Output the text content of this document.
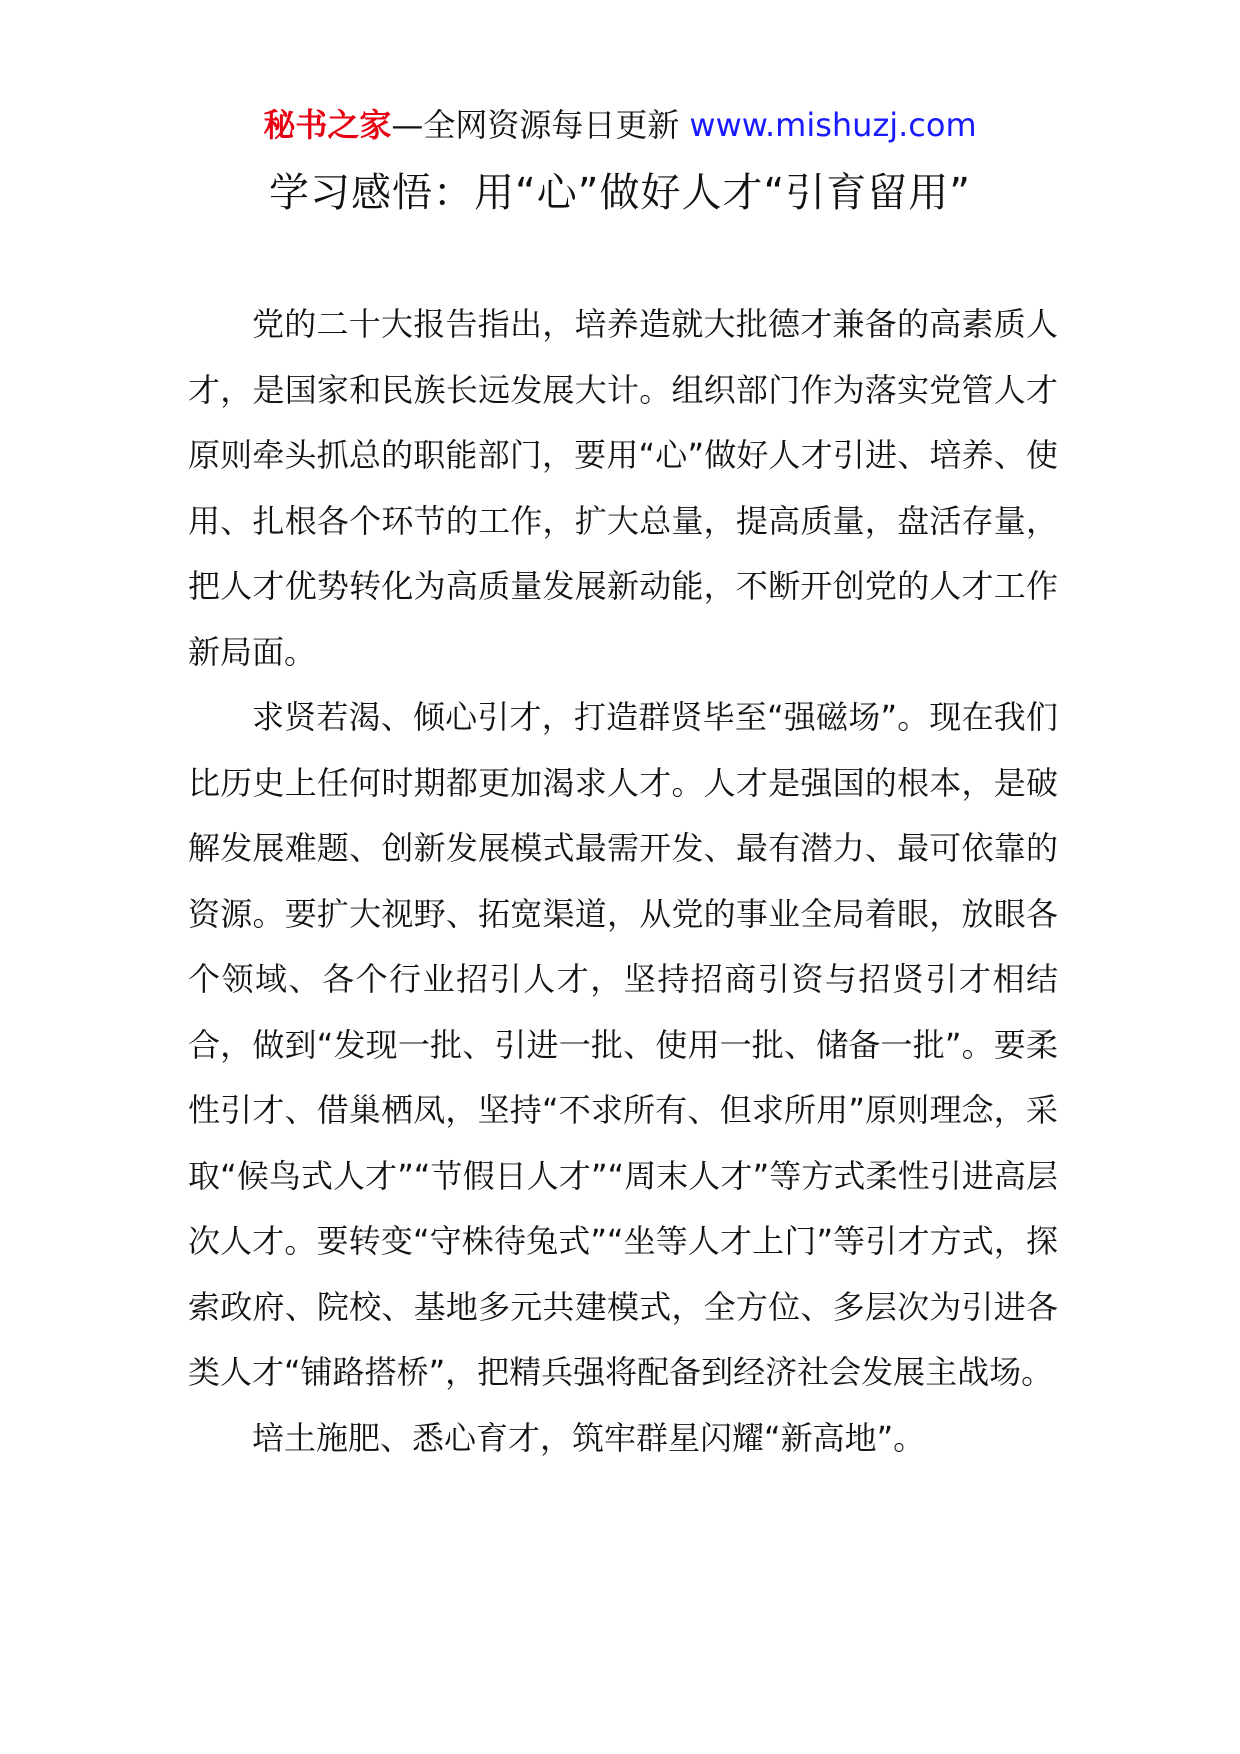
秘书之家—全网资源每日更新 www.mishuzj.com
学习感悟：用“心”做好人才“引育留用”

党的二十大报告指出，培养造就大批德才兼备的高素质人才，是国家和民族长远发展大计。组织部门作为落实党管人才原则牵头抓总的职能部门，要用“心”做好人才引进、培养、使用、扎根各个环节的工作，扩大总量，提高质量，盘活存量，把人才优势转化为高质量发展新动能，不断开创党的人才工作新局面。

求贤若渴、倾心引才，打造群贤毕至“强磁场”。现在我们比历史上任何时期都更加渴求人才。人才是强国的根本，是破解发展难题、创新发展模式最需开发、最有潜力、最可依靠的资源。要扩大视野、拓宽渠道，从党的事业全局着眼，放眼各个领域、各个行业招引人才，坚持招商引资与招贤引才相结合，做到“发现一批、引进一批、使用一批、储备一批”。要柔性引才、借巢栖凤，坚持“不求所有、但求所用”原则理念，采取“候鸟式人才”“节假日人才”“周末人才”等方式柔性引进高层次人才。要转变“守株待兔式”“坐等人才上门”等引才方式，探索政府、院校、基地多元共建模式，全方位、多层次为引进各类人才“铺路搭桥”，把精兵强将配备到经济社会发展主战场。

培土施肥、悉心育才，筑牢群星闪耀“新高地”。
